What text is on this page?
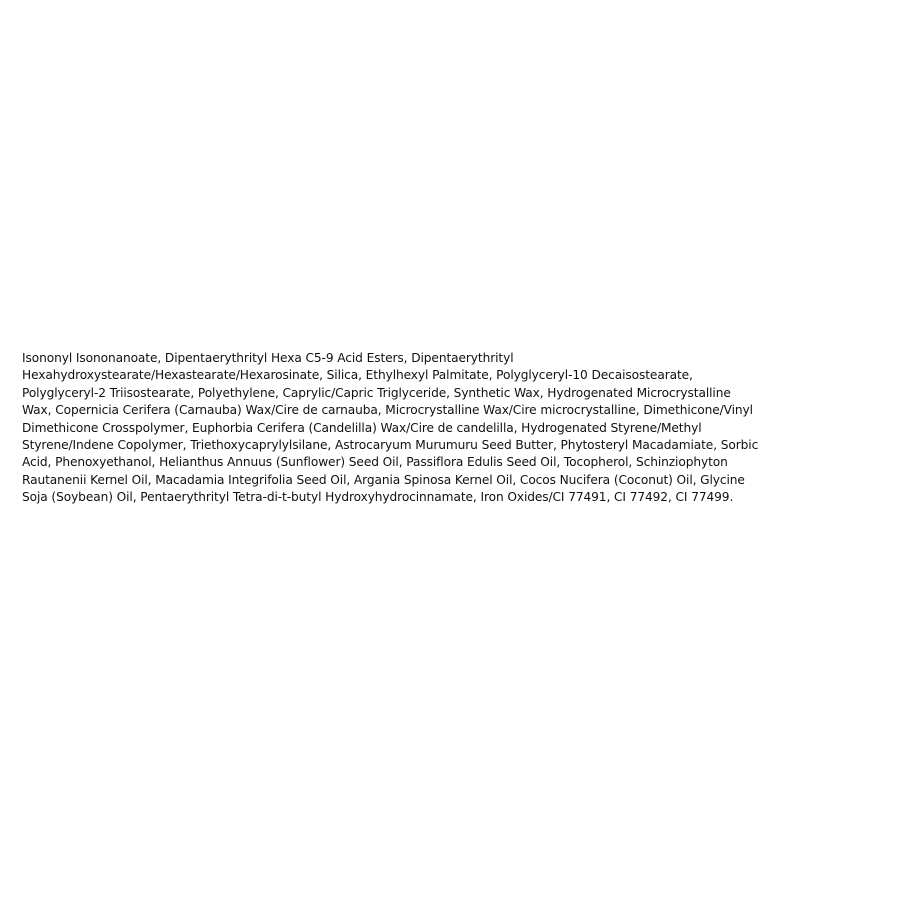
Isononyl Isononanoate, Dipentaerythrityl Hexa C5-9 Acid Esters, Dipentaerythrityl
Hexahydroxystearate/Hexastearate/Hexarosinate, Silica, Ethylhexyl Palmitate, Polyglyceryl-10 Decaisostearate,
Polyglyceryl-2 Triisostearate, Polyethylene, Caprylic/Capric Triglyceride, Synthetic Wax, Hydrogenated Microcrystalline
Wax, Copernicia Cerifera (Carnauba) Wax/Cire de carnauba, Microcrystalline Wax/Cire microcrystalline, Dimethicone/Vinyl
Dimethicone Crosspolymer, Euphorbia Cerifera (Candelilla) Wax/Cire de candelilla, Hydrogenated Styrene/Methyl
Styrene/Indene Copolymer, Triethoxycaprylylsilane, Astrocaryum Murumuru Seed Butter, Phytosteryl Macadamiate, Sorbic
Acid, Phenoxyethanol, Helianthus Annuus (Sunflower) Seed Oil, Passiflora Edulis Seed Oil, Tocopherol, Schinziophyton
Rautanenii Kernel Oil, Macadamia Integrifolia Seed Oil, Argania Spinosa Kernel Oil, Cocos Nucifera (Coconut) Oil, Glycine
Soja (Soybean) Oil, Pentaerythrityl Tetra-di-t-butyl Hydroxyhydrocinnamate, Iron Oxides/CI 77491, CI 77492, CI 77499.
